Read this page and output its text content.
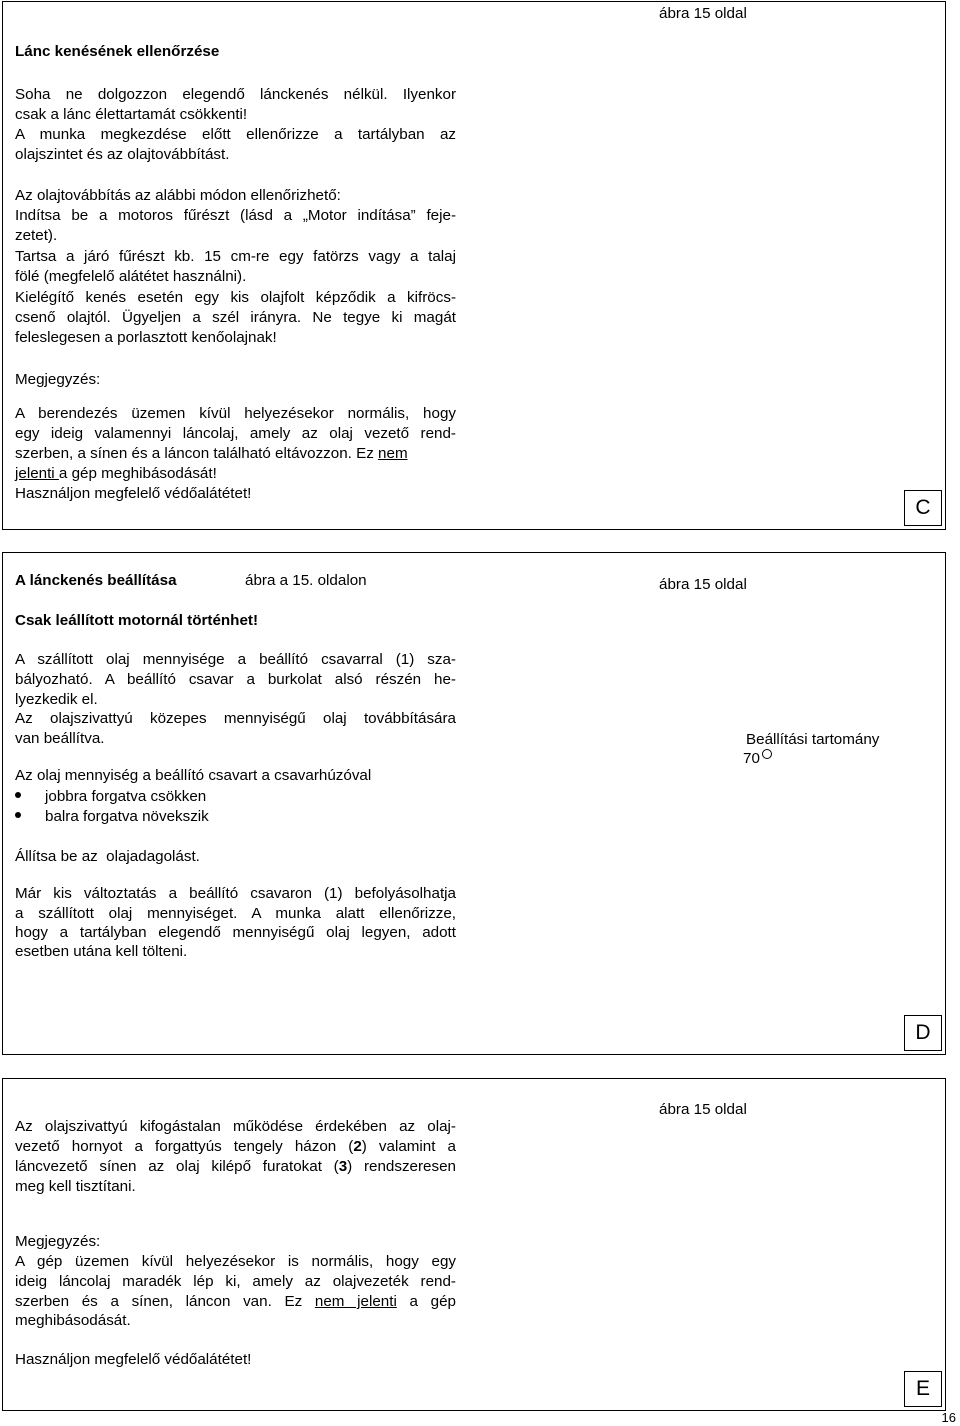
ábra 15 oldal
Lánc kenésének ellenőrzése
Soha ne dolgozzon elegendő lánckenés nélkül. Ilyenkor
csak a lánc élettartamát csökkenti!
A munka megkezdése előtt ellenőrizze a tartályban az
olajszintet és az olajtovábbítást.
Az olajtovábbítás az alábbi módon ellenőrizhető:
Indítsa be a motoros fűrészt (lásd a „Motor indítása” feje-
zetet).
Tartsa a járó fűrészt kb. 15 cm-re egy fatörzs vagy a talaj
fölé (megfelelő alátétet használni).
Kielégítő kenés esetén egy kis olajfolt képződik a kifröcs-
csenő olajtól. Ügyeljen a szél irányra. Ne tegye ki magát
feleslegesen a porlasztott kenőolajnak!
Megjegyzés:
A berendezés üzemen kívül helyezésekor normális, hogy
egy ideig valamennyi láncolaj, amely az olaj vezető rend-
szerben, a sínen és a láncon található eltávozzon. Ez nem
jelenti a gép meghibásodását!
Használjon megfelelő védőalátétet!
C
A lánckenés beállítása	ábra a 15. oldalon	ábra 15 oldal
Csak leállított motornál történhet!
A szállított olaj mennyisége a beállító csavarral (1) sza-
bályozható. A beállító csavar a burkolat alsó részén he-
lyezkedik el.
Az olajszivattyú közepes mennyiségű olaj továbbítására
van beállítva.
Az olaj mennyiség a beállító csavart a csavarhúzóval
jobbra forgatva csökken
balra forgatva növekszik
Állítsa be az  olajadagolást.
Már kis változtatás a beállító csavaron (1) befolyásolhatja
a szállított olaj mennyiséget. A munka alatt ellenőrizze,
hogy a tartályban elegendő mennyiségű olaj legyen, adott
esetben utána kell tölteni.
Beállítási tartomány
70
D
ábra 15 oldal
Az olajszivattyú kifogástalan működése érdekében az olaj-
vezető hornyot a forgattyús tengely házon (2) valamint a
láncvezető sínen az olaj kilépő furatokat (3) rendszeresen
meg kell tisztítani.
Megjegyzés:
A gép üzemen kívül helyezésekor is normális, hogy egy
ideig láncolaj maradék lép ki, amely az olajvezeték rend-
szerben és a sínen, láncon van. Ez nem jelenti a gép
meghibásodását.
Használjon megfelelő védőalátétet!
E
16
